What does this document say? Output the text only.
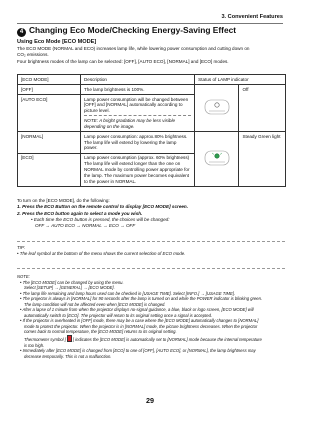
3. Convenient Features
4 Changing Eco Mode/Checking Energy-Saving Effect
Using Eco Mode [ECO MODE]

The ECO MODE (NORMAL and ECO) increases lamp life, while lowering power consumption and cutting down on

CO₂ emissions.

Four brightness modes of the lamp can be selected: [OFF], [AUTO ECO], [NORMAL] and [ECO] modes.

[ECO MODE]	Description	Status of LAMP indicator	
[OFF]	The lamp brightness is 100%.		Off
[AUTO ECO]	Lamp power consumption will be changed between [OFF] and [NORMAL] automatically according to picture level.
NOTE: A bright gradation may be less visible depending on the image.		

[NORMAL]	Lamp power consumption: approx.80% brightness. The lamp life will extend by lowering the lamp power.		Steady Green light
[ECO]	Lamp power consumption (approx. 60% brightness) The lamp life will extend longer than the one on NORMAL mode by controlling power appropriate for the lamp. The maximum power becomes equivalent to the power in NORMAL.		

To turn on the [ECO MODE], do the following:

1. Press the ECO Button on the remote control to display [ECO MODE] screen.

2. Press the ECO button again to select a mode you wish.

• Each time the ECO button is pressed, the choices will be changed:

OFF → AUTO ECO → NORMAL → ECO → OFF

TIP:

• The leaf symbol at the bottom of the menu shows the current selection of ECO mode.

NOTE:

• The [ECO MODE] can be changed by using the menu.

Select [SETUP] → [GENERAL] → [ECO MODE].

• The lamp life remaining and lamp hours used can be checked in [USAGE TIME]. Select [INFO.] → [USAGE TIME].

• The projector is always in [NORMAL] for 90 seconds after the lamp is turned on and while the POWER indicator is blinking green.

The lamp condition will not be affected even when [ECO MODE] is changed.

• After a lapse of 1 minute from when the projector displays no-signal guidance, a blue, black or logo screen, [ECO MODE] will

automatically switch to [ECO]. The projector will return to its original setting once a signal is accepted.

• If the projector is overheated in [OFF] mode, there may be a case where the [ECO MODE] automatically changes to [NORMAL]

mode to protect the projector. When the projector is in [NORMAL] mode, the picture brightness decreases. When the projector

comes back to normal temperature, the [ECO MODE] returns to its original setting.

Thermometer symbol [ ] indicates the [ECO MODE] is automatically set to [NORMAL] mode because the internal temperature

is too high.

• Immediately after [ECO MODE] is changed from [ECO] to one of [OFF], [AUTO ECO], or [NORMAL], the lamp brightness may

decrease temporarily. This is not a malfunction.

29
